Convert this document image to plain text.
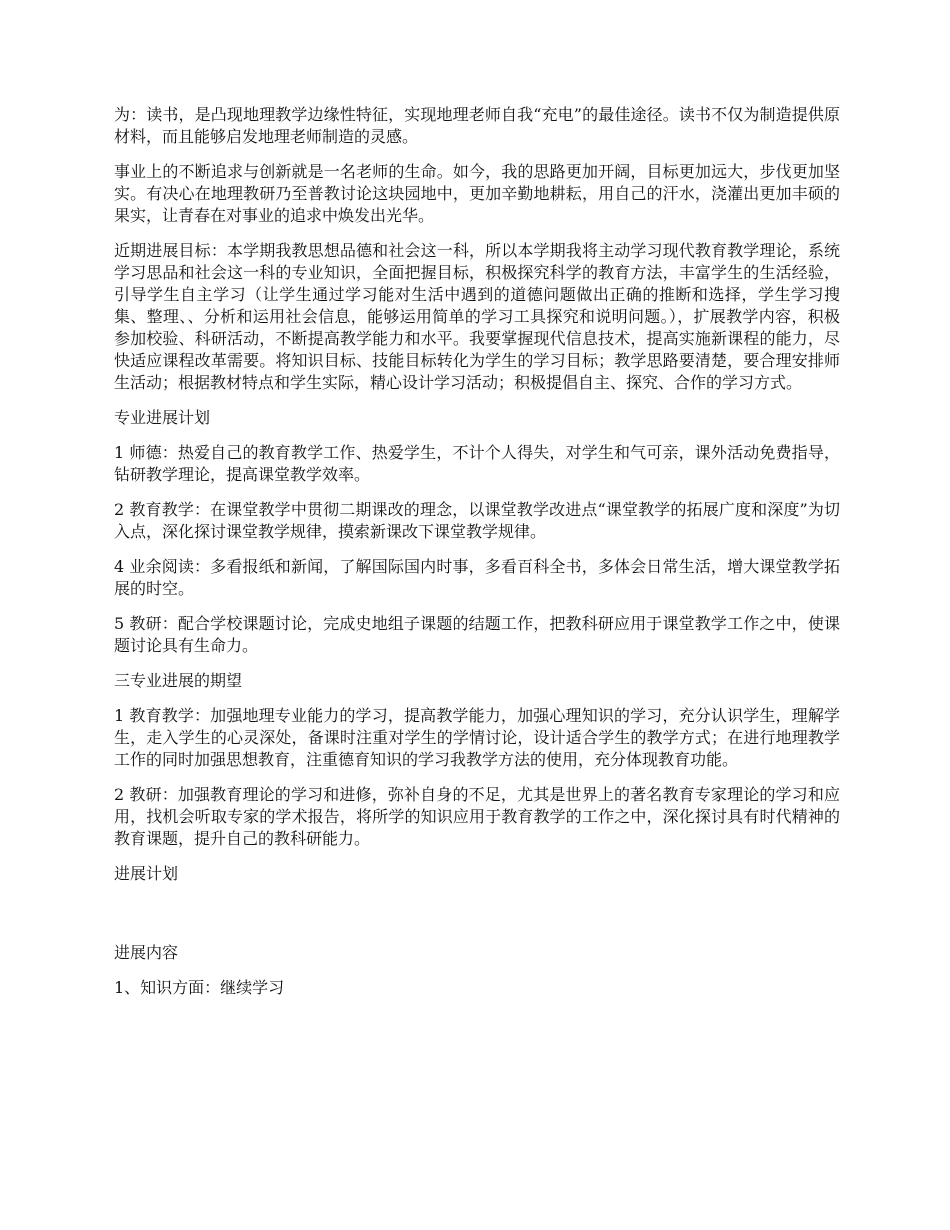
为：读书，是凸现地理教学边缘性特征，实现地理老师自我“充电”的最佳途径。读书不仅为制造提供原材料，而且能够启发地理老师制造的灵感。

事业上的不断追求与创新就是一名老师的生命。如今，我的思路更加开阔，目标更加远大，步伐更加坚实。有决心在地理教研乃至普教讨论这块园地中，更加辛勤地耕耘，用自己的汗水，浇灌出更加丰硕的果实，让青春在对事业的追求中焕发出光华。

近期进展目标：本学期我教思想品德和社会这一科，所以本学期我将主动学习现代教育教学理论，系统学习思品和社会这一科的专业知识，全面把握目标，积极探究科学的教育方法，丰富学生的生活经验，引导学生自主学习（让学生通过学习能对生活中遇到的道德问题做出正确的推断和选择，学生学习搜集、整理、、分析和运用社会信息，能够运用简单的学习工具探究和说明问题。），扩展教学内容，积极参加校验、科研活动，不断提高教学能力和水平。我要掌握现代信息技术，提高实施新课程的能力，尽快适应课程改革需要。将知识目标、技能目标转化为学生的学习目标；教学思路要清楚，要合理安排师生活动；根据教材特点和学生实际，精心设计学习活动；积极提倡自主、探究、合作的学习方式。

专业进展计划

1 师德：热爱自己的教育教学工作、热爱学生，不计个人得失，对学生和气可亲，课外活动免费指导，钻研教学理论，提高课堂教学效率。

2 教育教学：在课堂教学中贯彻二期课改的理念，以课堂教学改进点“课堂教学的拓展广度和深度”为切入点，深化探讨课堂教学规律，摸索新课改下课堂教学规律。

4 业余阅读：多看报纸和新闻，了解国际国内时事，多看百科全书，多体会日常生活，增大课堂教学拓展的时空。

5 教研：配合学校课题讨论，完成史地组子课题的结题工作，把教科研应用于课堂教学工作之中，使课题讨论具有生命力。

三专业进展的期望

1 教育教学：加强地理专业能力的学习，提高教学能力，加强心理知识的学习，充分认识学生，理解学生，走入学生的心灵深处，备课时注重对学生的学情讨论，设计适合学生的教学方式；在进行地理教学工作的同时加强思想教育，注重德育知识的学习我教学方法的使用，充分体现教育功能。

2 教研：加强教育理论的学习和进修，弥补自身的不足，尤其是世界上的著名教育专家理论的学习和应用，找机会听取专家的学术报告，将所学的知识应用于教育教学的工作之中，深化探讨具有时代精神的教育课题，提升自己的教科研能力。

进展计划

进展内容

1、知识方面：继续学习
